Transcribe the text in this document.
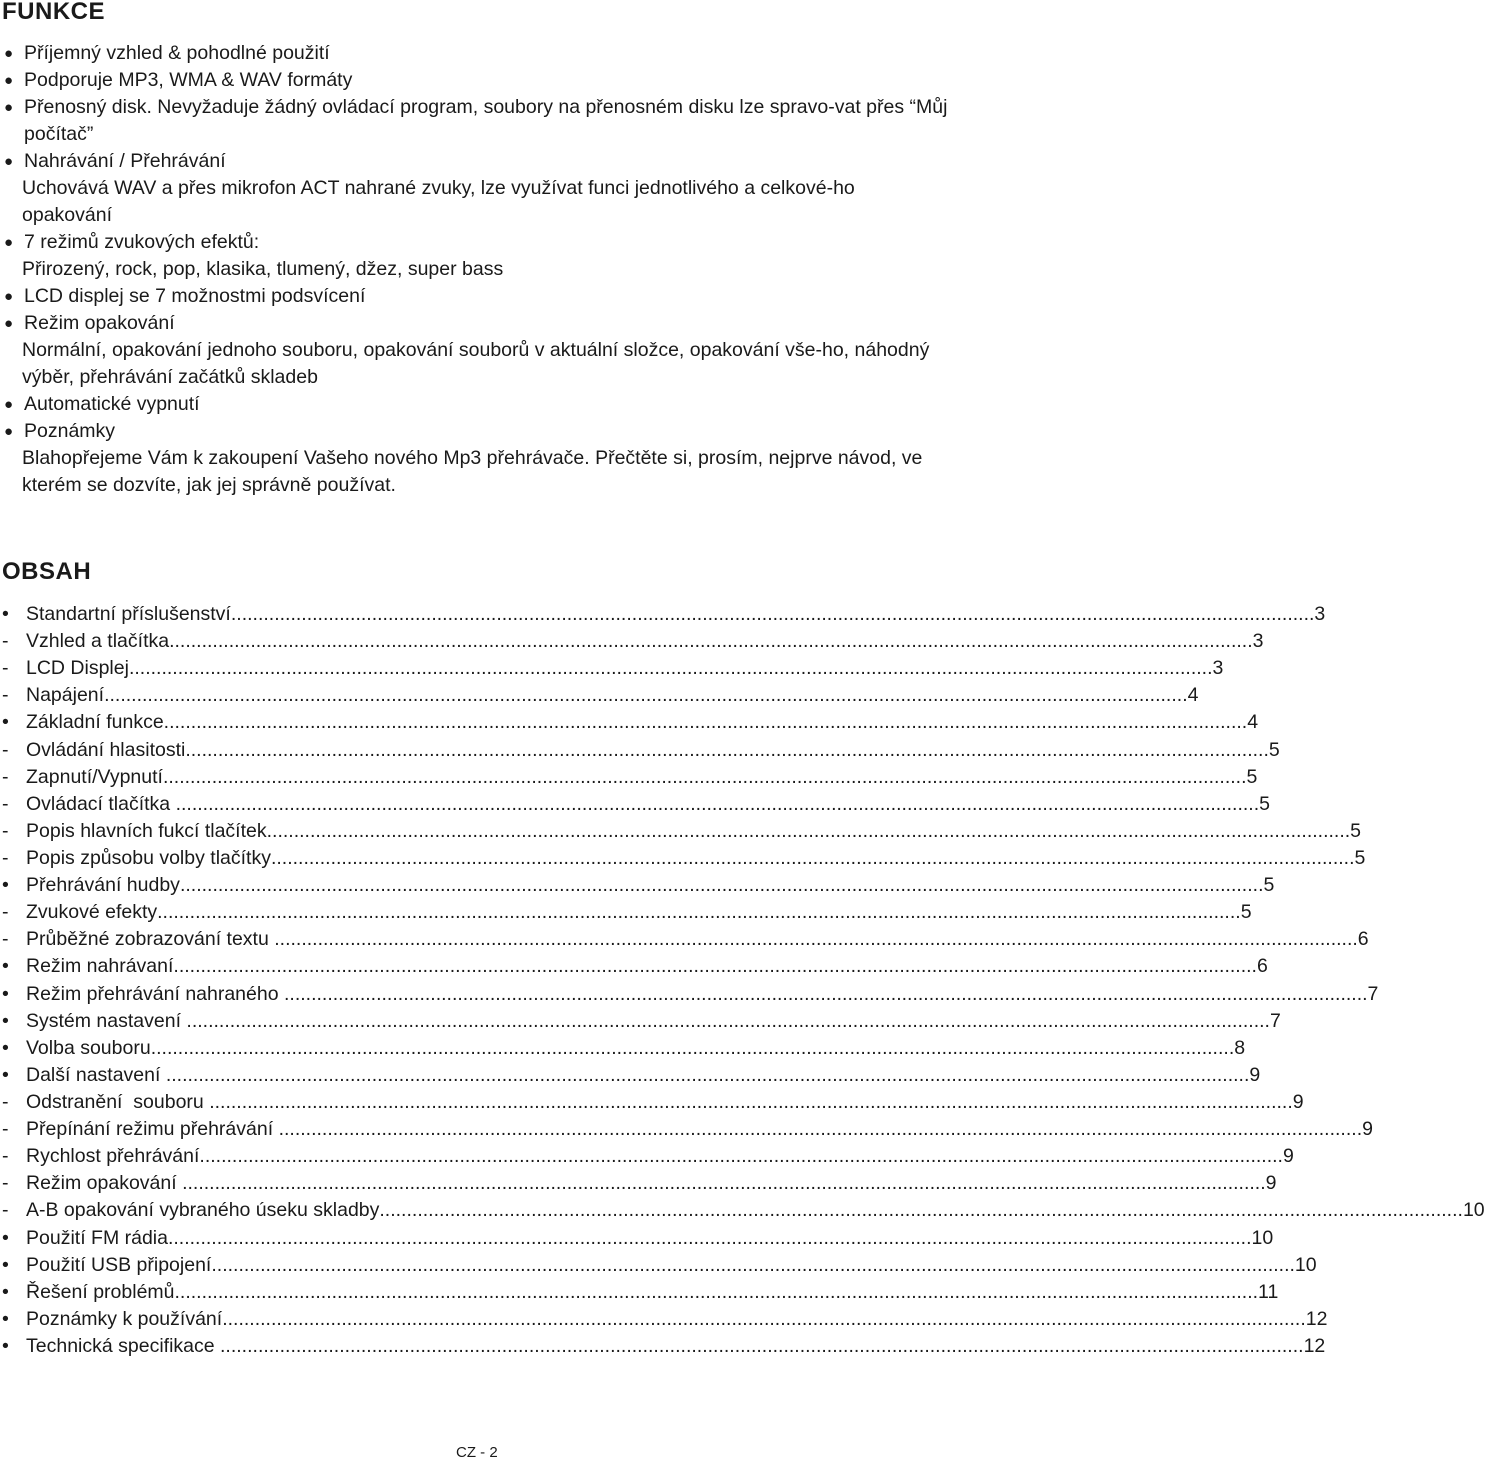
FUNKCE
● Příjemný vzhled & pohodlné použití
● Podporuje MP3, WMA & WAV formáty
● Přenosný disk. Nevyžaduje žádný ovládací program, soubory na přenosném disku lze spravo-vat přes “Můj počítač”
● Nahrávání / Přehrávání
Uchovává WAV a přes mikrofon ACT nahrané zvuky, lze využívat funci jednotlivého a celkové-ho opakování
● 7 režimů zvukových efektů:
Přirozený, rock, pop, klasika, tlumený, džez, super bass
● LCD displej se 7 možnostmi podsvícení
● Režim opakování
Normální, opakování jednoho souboru, opakování souborů v aktuální složce, opakování vše-ho, náhodný výběr, přehrávání začátků skladeb
● Automatické vypnutí
● Poznámky
Blahopřejeme Vám k zakoupení Vašeho nového Mp3 přehrávače. Přečtěte si, prosím, nejprve návod, ve kterém se dozvíte, jak jej správně používat.
OBSAH
• Standartní příslušenství ........................................................................................................................................................................................................ 3
- Vzhled a tlačítka ........................................................................................................................................................................................................ 3
- LCD Displej ........................................................................................................................................................................................................ 3
- Napájení ........................................................................................................................................................................................................ 4
• Základní funkce ........................................................................................................................................................................................................ 4
- Ovládání hlasitosti ........................................................................................................................................................................................................ 5
- Zapnutí/Vypnutí ........................................................................................................................................................................................................ 5
- Ovládací tlačítka ........................................................................................................................................................................................................ 5
- Popis hlavních fukcí tlačítek ........................................................................................................................................................................................................ 5
- Popis způsobu volby tlačítky ........................................................................................................................................................................................................ 5
• Přehrávání hudby ........................................................................................................................................................................................................ 5
- Zvukové efekty ........................................................................................................................................................................................................ 5
- Průběžné zobrazování textu ........................................................................................................................................................................................................ 6
• Režim nahrávaní ........................................................................................................................................................................................................ 6
• Režim přehrávání nahraného ........................................................................................................................................................................................................ 7
• Systém nastavení ........................................................................................................................................................................................................ 7
• Volba souboru ........................................................................................................................................................................................................ 8
• Další nastavení ........................................................................................................................................................................................................ 9
- Odstranění  souboru ........................................................................................................................................................................................................ 9
- Přepínání režimu přehrávání ........................................................................................................................................................................................................ 9
- Rychlost přehrávání ........................................................................................................................................................................................................ 9
- Režim opakování ........................................................................................................................................................................................................ 9
- A-B opakování vybraného úseku skladby ........................................................................................................................................................................................................ 10
• Použití FM rádia ........................................................................................................................................................................................................ 10
• Použití USB připojení ........................................................................................................................................................................................................ 10
• Řešení problémů ........................................................................................................................................................................................................ 11
• Poznámky k používání ........................................................................................................................................................................................................ 12
• Technická specifikace ........................................................................................................................................................................................................ 12
CZ - 2
